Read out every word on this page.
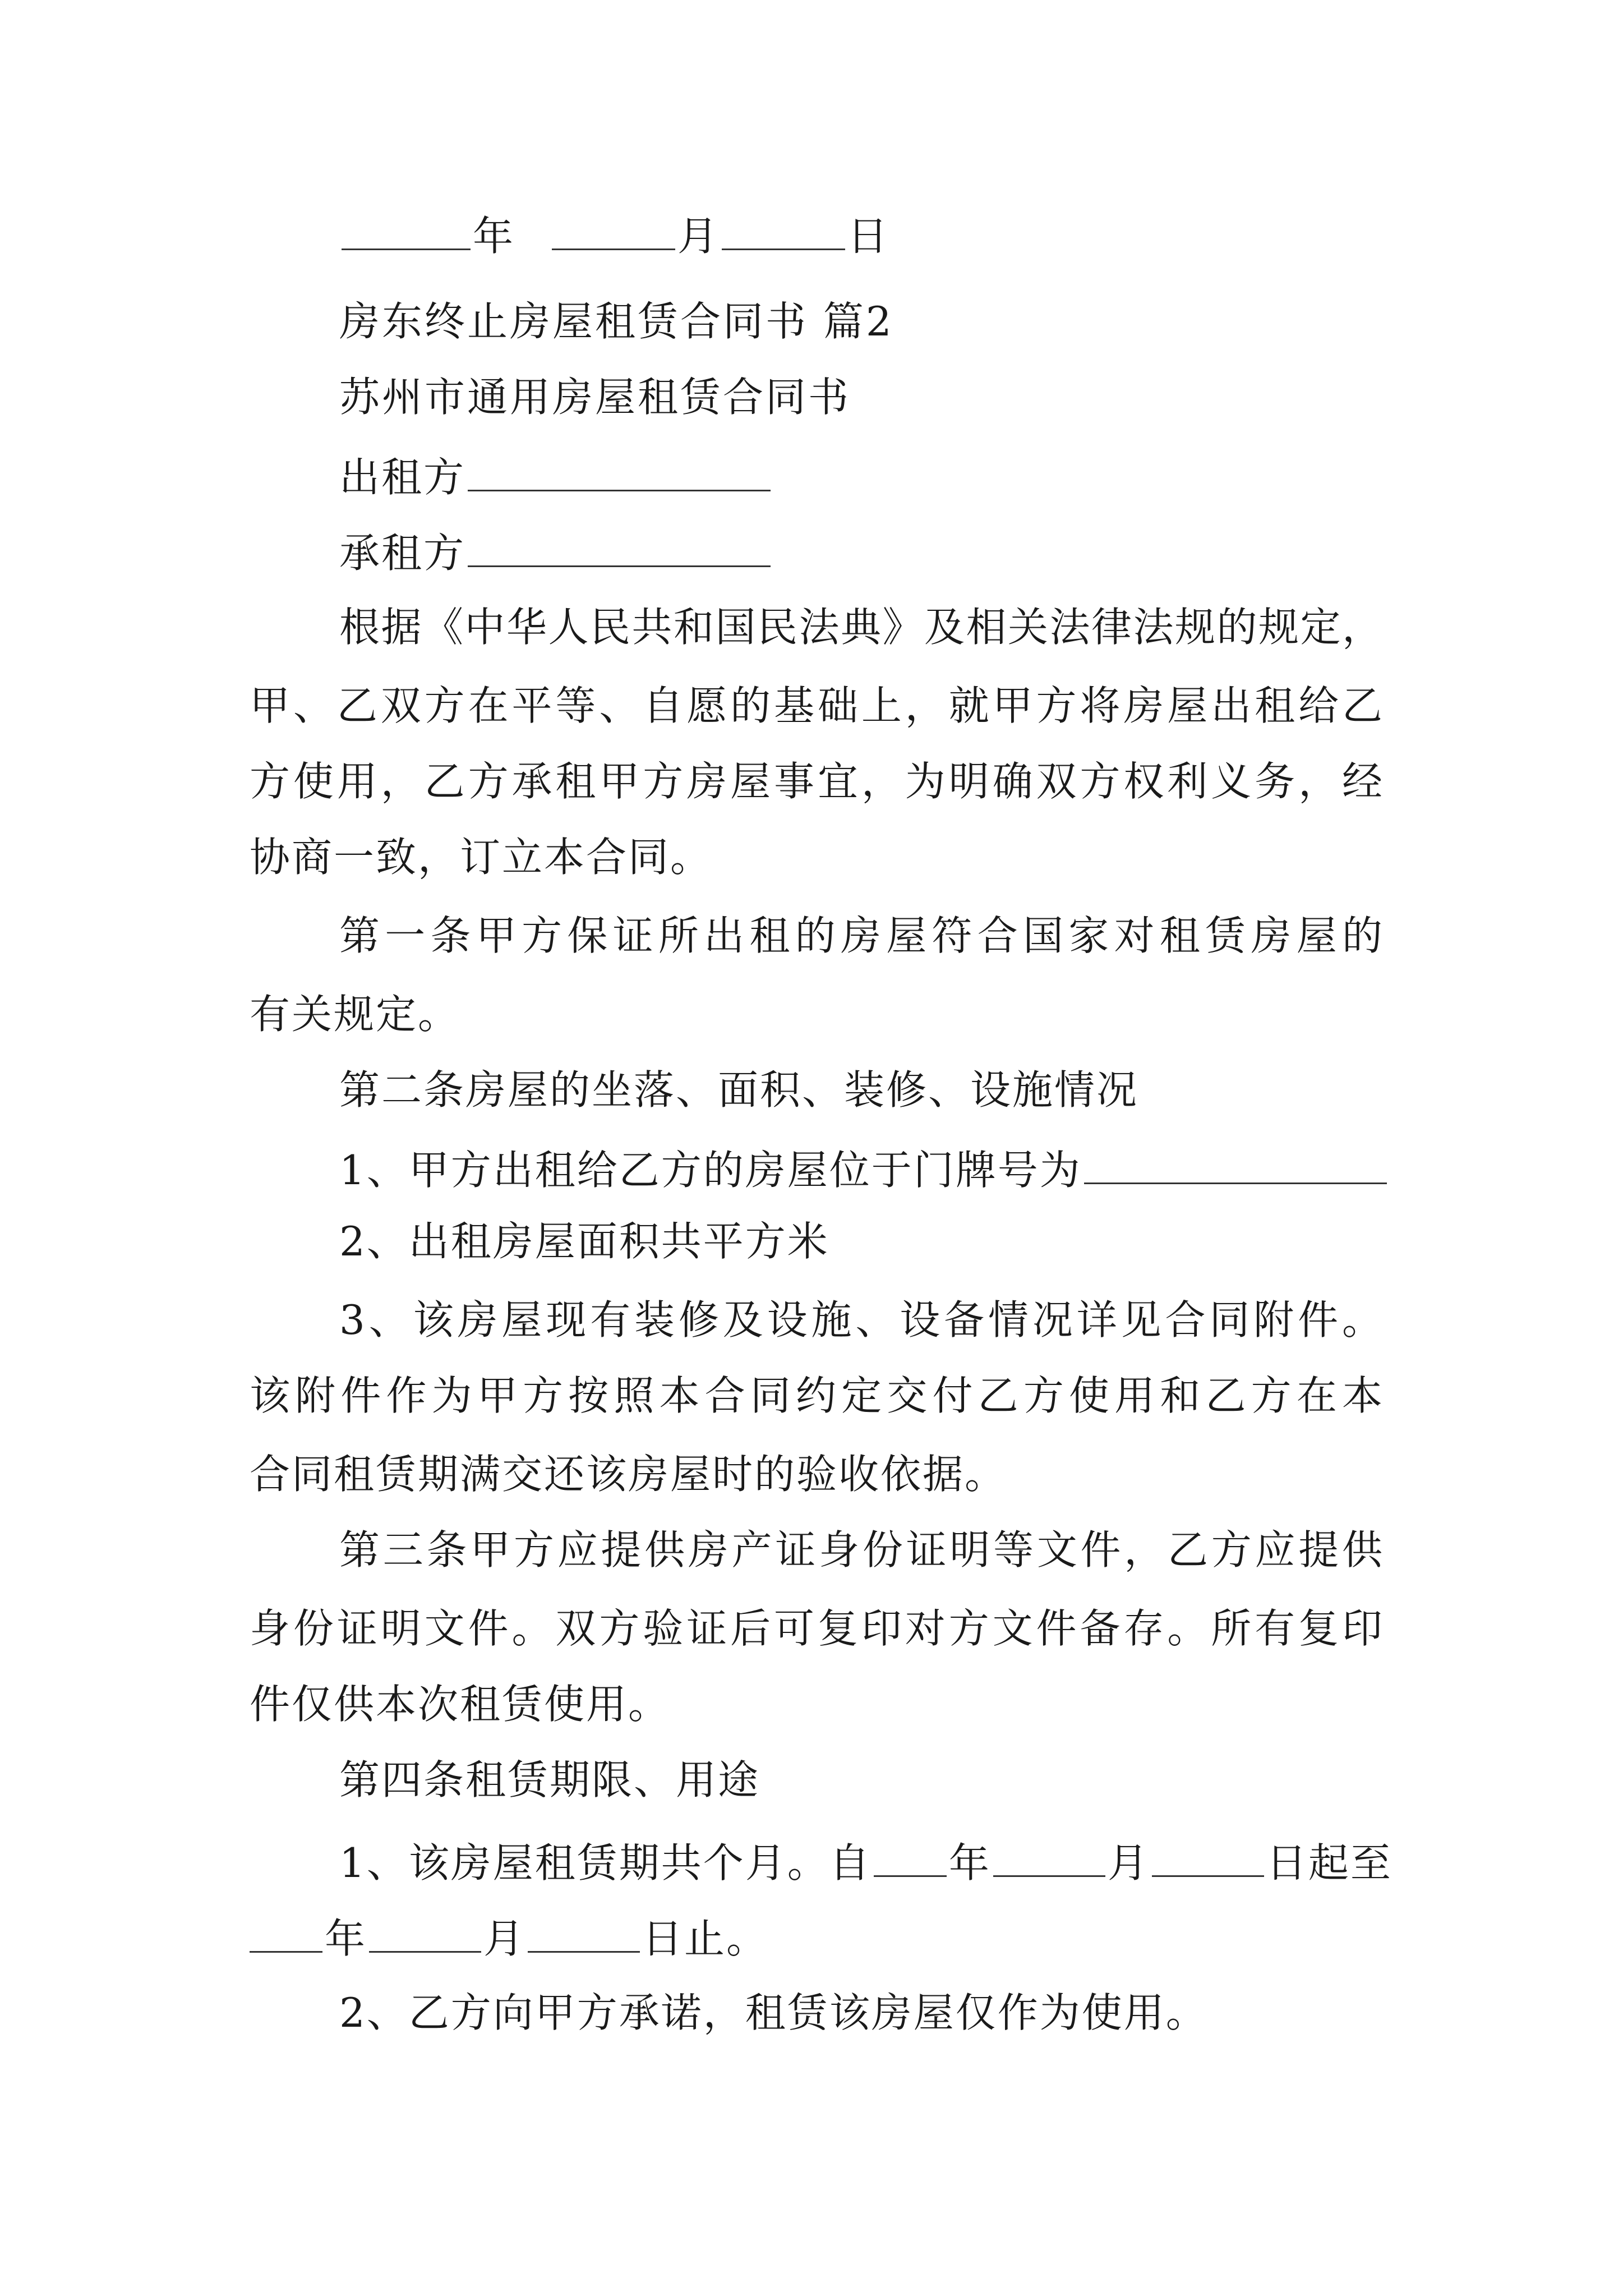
年	月	日
房东终止房屋租赁合同书 篇2
苏州市通用房屋租赁合同书
出租方
承租方
根据《中华人民共和国民法典》及相关法律法规的规定，
甲、乙双方在平等、自愿的基础上，就甲方将房屋出租给乙
方使用，乙方承租甲方房屋事宜，为明确双方权利义务，经
协商一致，订立本合同。
第一条甲方保证所出租的房屋符合国家对租赁房屋的
有关规定。
第二条房屋的坐落、面积、装修、设施情况
1、甲方出租给乙方的房屋位于门牌号为
2、出租房屋面积共平方米
3、该房屋现有装修及设施、设备情况详见合同附件。
该附件作为甲方按照本合同约定交付乙方使用和乙方在本
合同租赁期满交还该房屋时的验收依据。
第三条甲方应提供房产证身份证明等文件，乙方应提供
身份证明文件。双方验证后可复印对方文件备存。所有复印
件仅供本次租赁使用。
第四条租赁期限、用途
1、该房屋租赁期共个月。自 年	月	日起至
年	月	日止。
2、乙方向甲方承诺，租赁该房屋仅作为使用。
